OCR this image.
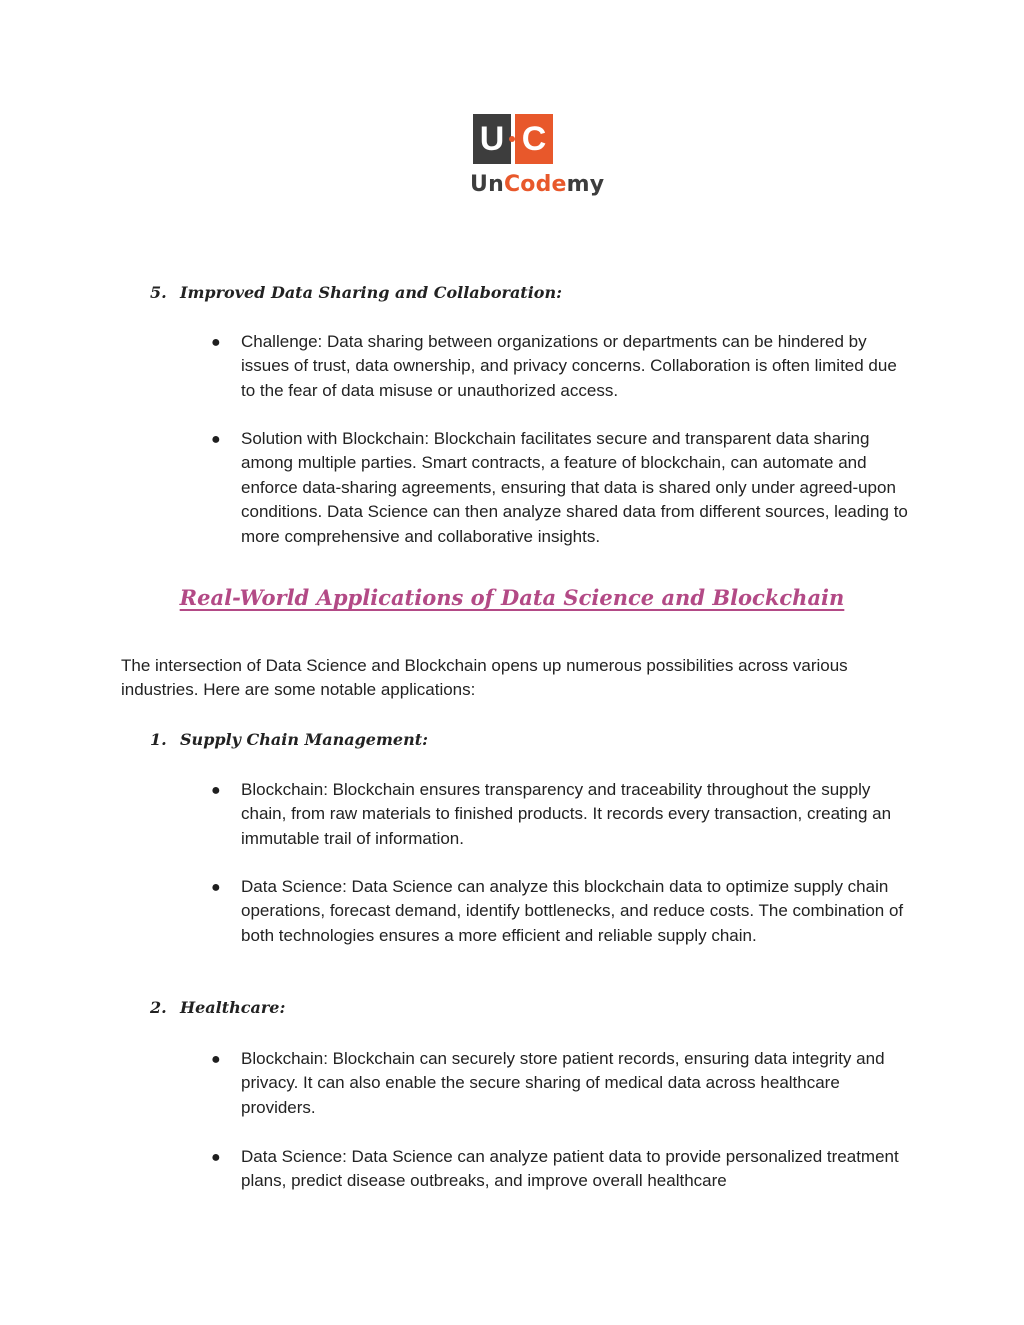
U C
UnCodemy
5. Improved Data Sharing and Collaboration:
● Challenge: Data sharing between organizations or departments can be hindered by issues of trust, data ownership, and privacy concerns. Collaboration is often limited due to the fear of data misuse or unauthorized access.
● Solution with Blockchain: Blockchain facilitates secure and transparent data sharing among multiple parties. Smart contracts, a feature of blockchain, can automate and enforce data-sharing agreements, ensuring that data is shared only under agreed-upon conditions. Data Science can then analyze shared data from different sources, leading to more comprehensive and collaborative insights.
Real-World Applications of Data Science and Blockchain
The intersection of Data Science and Blockchain opens up numerous possibilities across various industries. Here are some notable applications:
1. Supply Chain Management:
● Blockchain: Blockchain ensures transparency and traceability throughout the supply chain, from raw materials to finished products. It records every transaction, creating an immutable trail of information.
● Data Science: Data Science can analyze this blockchain data to optimize supply chain operations, forecast demand, identify bottlenecks, and reduce costs. The combination of both technologies ensures a more efficient and reliable supply chain.
2. Healthcare:
● Blockchain: Blockchain can securely store patient records, ensuring data integrity and privacy. It can also enable the secure sharing of medical data across healthcare providers.
● Data Science: Data Science can analyze patient data to provide personalized treatment plans, predict disease outbreaks, and improve overall healthcare
